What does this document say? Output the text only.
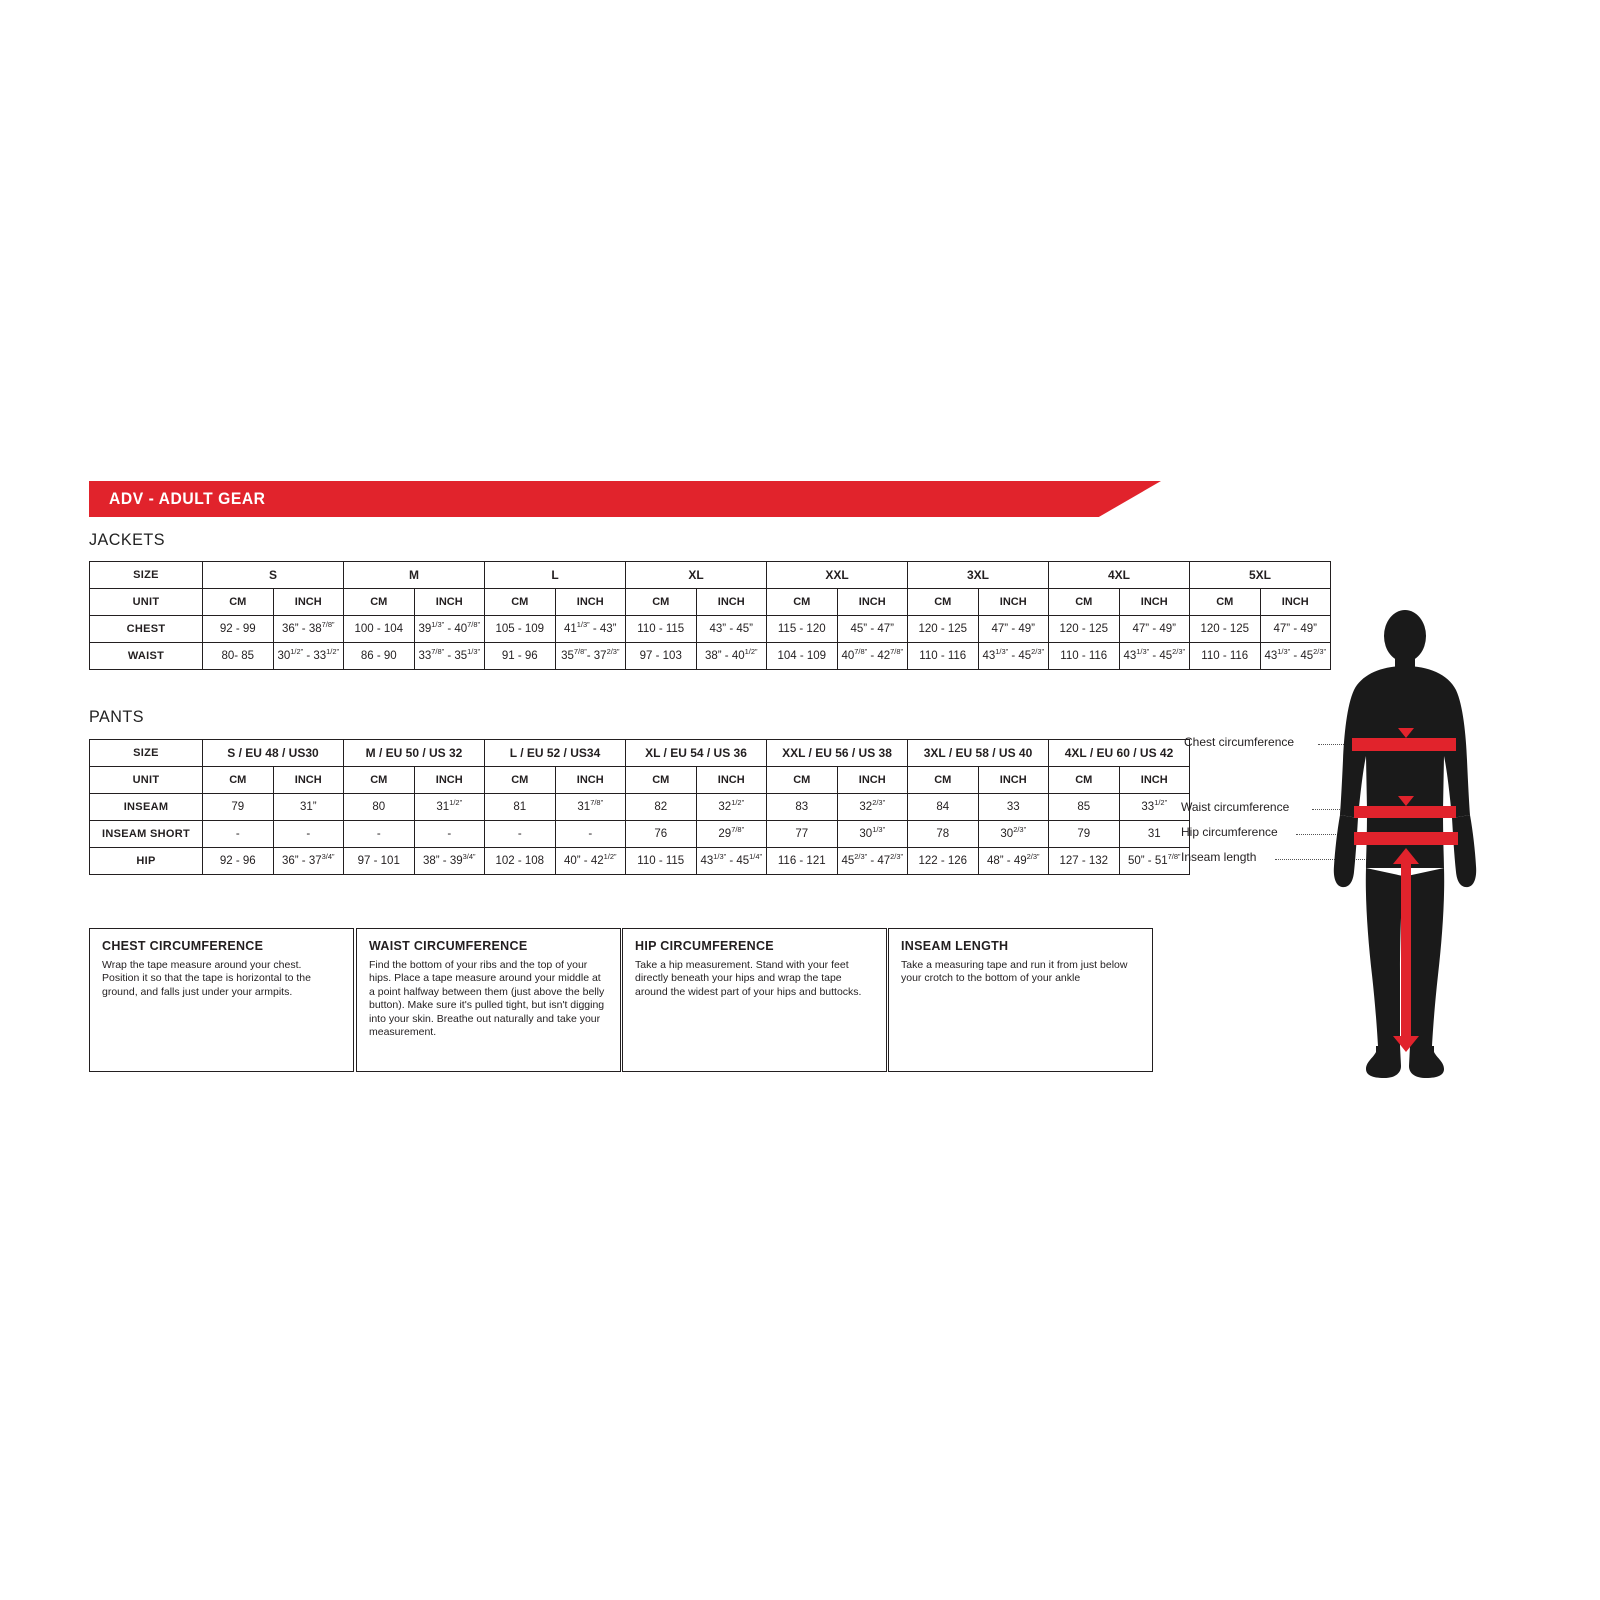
ADV - ADULT GEAR
JACKETS
PANTS
SIZE	S		M		L		XL		XXL		3XL		4XL		5XL	
UNIT	CM	INCH	CM	INCH	CM	INCH	CM	INCH	CM	INCH	CM	INCH	CM	INCH	CM	INCH
CHEST	92 - 99	36” - $38^{7/8”}$	100 - 104	$39^{1/3”} - 40^{7/8”}$	105 - 109	$41^{1/3”} - 43$”	110 - 115	43” - 45”	115 - 120	45” - 47”	120 - 125	47” - 49”	120 - 125	47” - 49”	120 - 125	47” - 49”
WAIST	80- 85	$30^{1/2”} - 33^{1/2”}$	86 - 90	$33^{7/8”} - 35^{1/3”}$	91 - 96	$35^{7/8”}-$ $37^{2/3”}$	97 - 103	38” - $40^{1/2”}$	104 - 109	$40^{7/8”} - 42^{7/8”}$	110 - 116	$43^{1/3”} - 45^{2/3”}$	110 - 116	$43^{1/3”} - 45^{2/3”}$	110 - 116	$43^{1/3”} - 45^{2/3”}$
SIZE	S / EU 48 / US30		M / EU 50 / US 32		L / EU 52 / US34		XL / EU 54 / US 36		XXL / EU 56 / US 38		3XL / EU 58 / US 40		4XL / EU 60 / US 42	
UNIT	CM	INCH	CM	INCH	CM	INCH	CM	INCH	CM	INCH	CM	INCH	CM	INCH
INSEAM	79	31”	80	$31^{1/2”}$	81	$31^{7/8”}$	82	$32^{1/2”}$	83	$32^{2/3”}$	84	33	85	$33^{1/2”}$
INSEAM SHORT	-	-	-	-	-	-	76	$29^{7/8”}$	77	$30^{1/3”}$	78	$30^{2/3”}$	79	31
HIP	92 - 96	36” - $37^{3/4”}$	97 - 101	38” - $39^{3/4”}$	102 - 108	40” - $42^{1/2”}$	110 - 115	$43^{1/3”} - 45^{1/4”}$	116 - 121	$45^{2/3”} - 47^{2/3”}$	122 - 126	48” - $49^{2/3”}$	127 - 132	50” - $51^{7/8”}$
CHEST CIRCUMFERENCE
Wrap the tape measure around your chest. Position it so that the tape is horizontal to the ground, and falls just under your armpits.
WAIST CIRCUMFERENCE
Find the bottom of your ribs and the top of your hips. Place a tape measure around your middle at a point halfway between them (just above the belly button). Make sure it's pulled tight, but isn't digging into your skin. Breathe out naturally and take your measurement.
HIP CIRCUMFERENCE
Take a hip measurement. Stand with your feet directly beneath your hips and wrap the tape around the widest part of your hips and buttocks.
INSEAM LENGTH
Take a measuring tape and run it from just below your crotch to the bottom of your ankle
Chest circumference
Waist circumference
Hip circumference
Inseam length
